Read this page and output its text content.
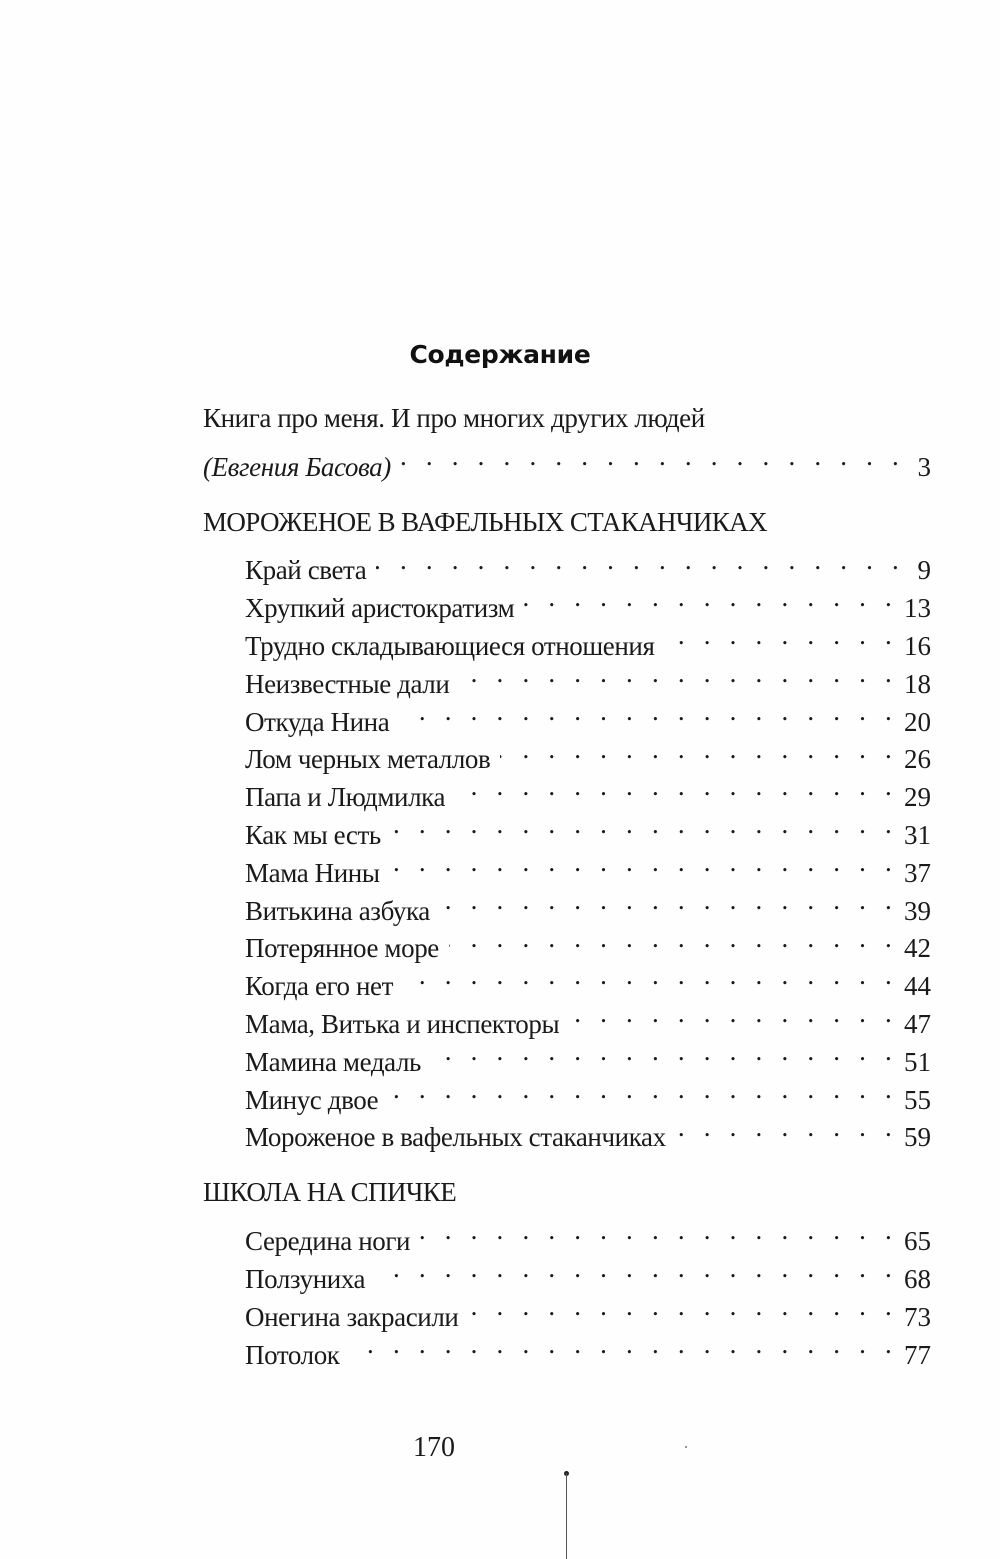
Содержание
Книга про меня. И про многих других людей
(Евгения Басова) . . .	3
МОРОЖЕНОЕ В ВАФЕЛЬНЫХ СТАКАНЧИКАХ
Край света . . .	9
Хрупкий аристократизм . . .	13
Трудно складывающиеся отношения . . .	16
Неизвестные дали . . .	18
Откуда Нина . . .	20
Лом черных металлов . . .	26
Папа и Людмилка . . .	29
Как мы есть . . .	31
Мама Нины . . .	37
Витькина азбука . . .	39
Потерянное море . . .	42
Когда его нет . . .	44
Мама, Витька и инспекторы . . .	47
Мамина медаль . . .	51
Минус двое . . .	55
Мороженое в вафельных стаканчиках . . .	59
ШКОЛА НА СПИЧКЕ
Середина ноги . . .	65
Ползуниха . . .	68
Онегина закрасили . . .	73
Потолок . . .	77
170
